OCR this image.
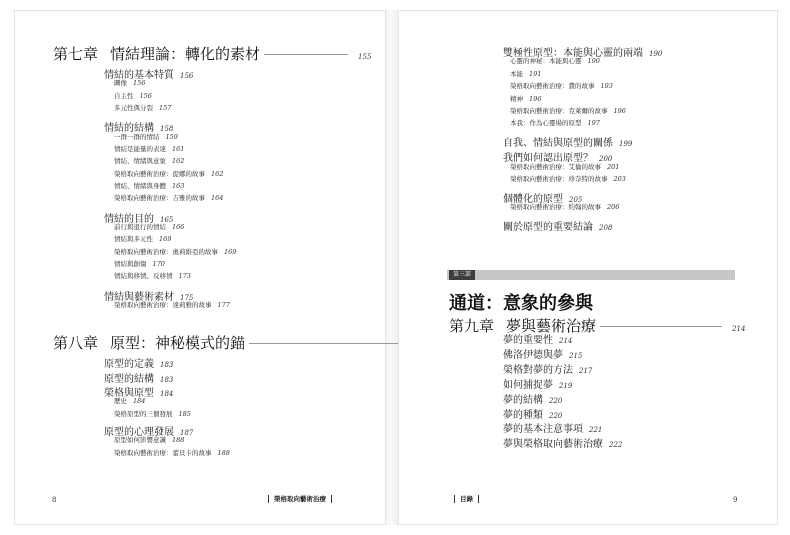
第七章 情結理論：轉化的素材	155
情結的基本特質 156
圖像 156
自主性 156
多元性與分裂 157
情結的結構 158
一群一群的情結 159
情結是能量的表達 161
情結、情緒與意象 162
榮格取向藝術治療：提娜的故事 162
情結、情緒與身體 163
榮格取向藝術治療：吉雅的故事 164
情結的目的 165
前行與退行的情結 166
情結與多元性 169
榮格取向藝術治療：奧莉維亞的故事 169
情結與創傷 170
情結與移情、反移情 173
情結與藝術素材 175
榮格取向藝術治療：達莉雅的故事 177
第八章 原型：神秘模式的錨
原型的定義 183
原型的結構 183
榮格與原型 184
歷史 184
榮格原型的三個發展 185
原型的心理發展 187
原型如何影響意識 188
榮格取向藝術治療：蕾貝卡的故事 188
8	榮格取向藝術治療
雙極性原型：本能與心靈的兩端 190
心靈的神秘：本能與心靈 190
本能 191
榮格取向藝術治療：費的故事 193
精神 196
榮格取向藝術治療：克萊爾的故事 196
本我：作為心靈場的原型 197
自我、情結與原型的關係 199
我們如何認出原型？ 200
榮格取向藝術治療：艾倫的故事 201
榮格取向藝術治療：珍奈特的故事 203
個體化的原型 205
榮格取向藝術治療：約翰的故事 206
關於原型的重要結論 208
第三部
通道：意象的參與
第九章 夢與藝術治療	214
夢的重要性 214
佛洛伊德與夢 215
榮格對夢的方法 217
如何捕捉夢 219
夢的結構 220
夢的種類 220
夢的基本注意事項 221
夢與榮格取向藝術治療 222
目錄	9
